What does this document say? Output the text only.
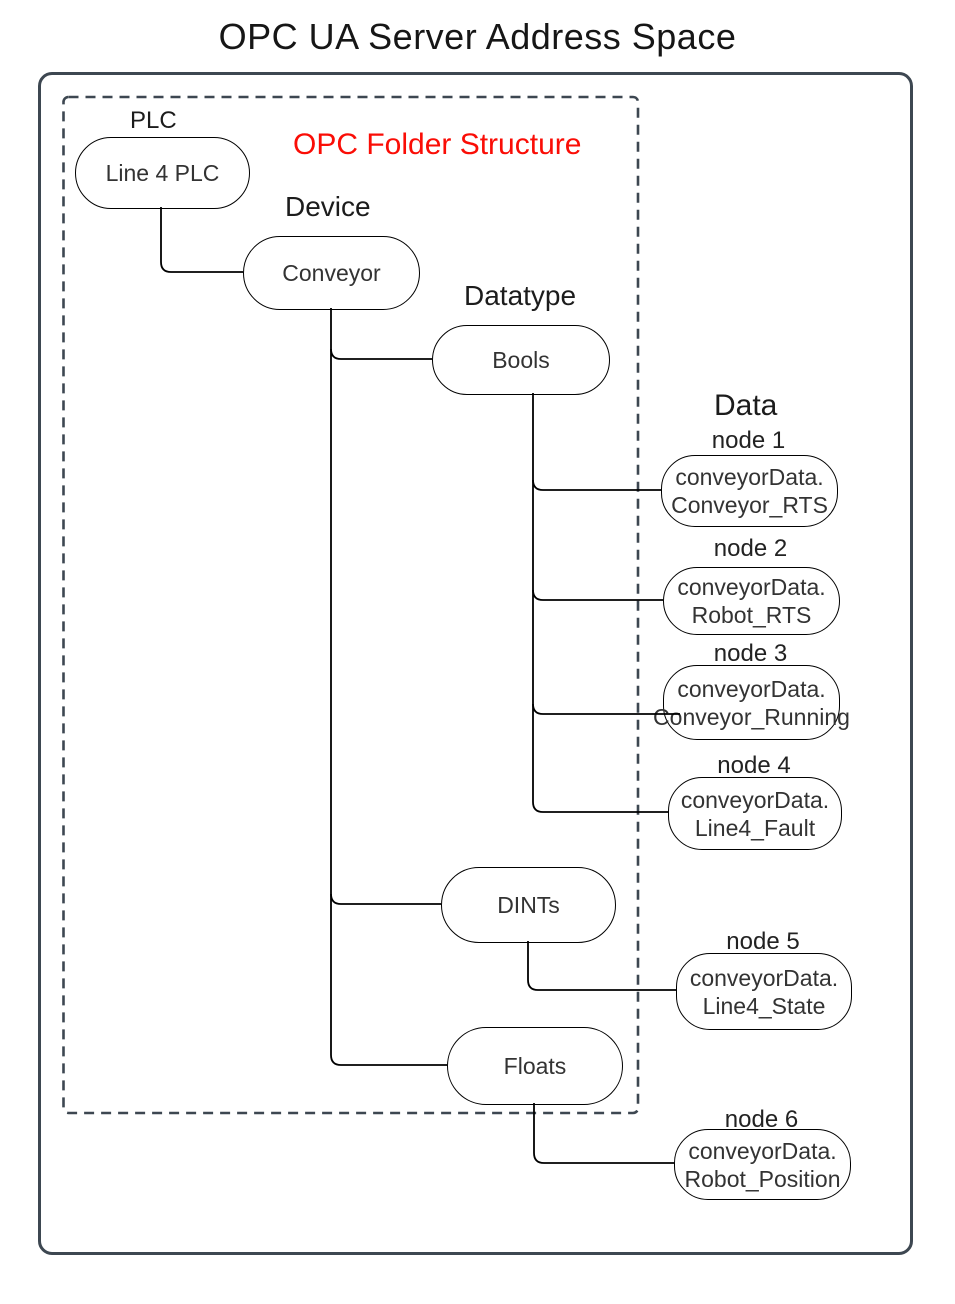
OPC UA Server Address Space
PLC
Device
Datatype
Data
OPC Folder Structure
Line 4 PLC
Conveyor
Bools
DINTs
Floats
node 1
node 2
node 3
node 4
node 5
node 6
conveyorData.
Conveyor_RTS
conveyorData.
Robot_RTS
conveyorData.
Conveyor_Running
conveyorData.
Line4_Fault
conveyorData.
Line4_State
conveyorData.
Robot_Position
